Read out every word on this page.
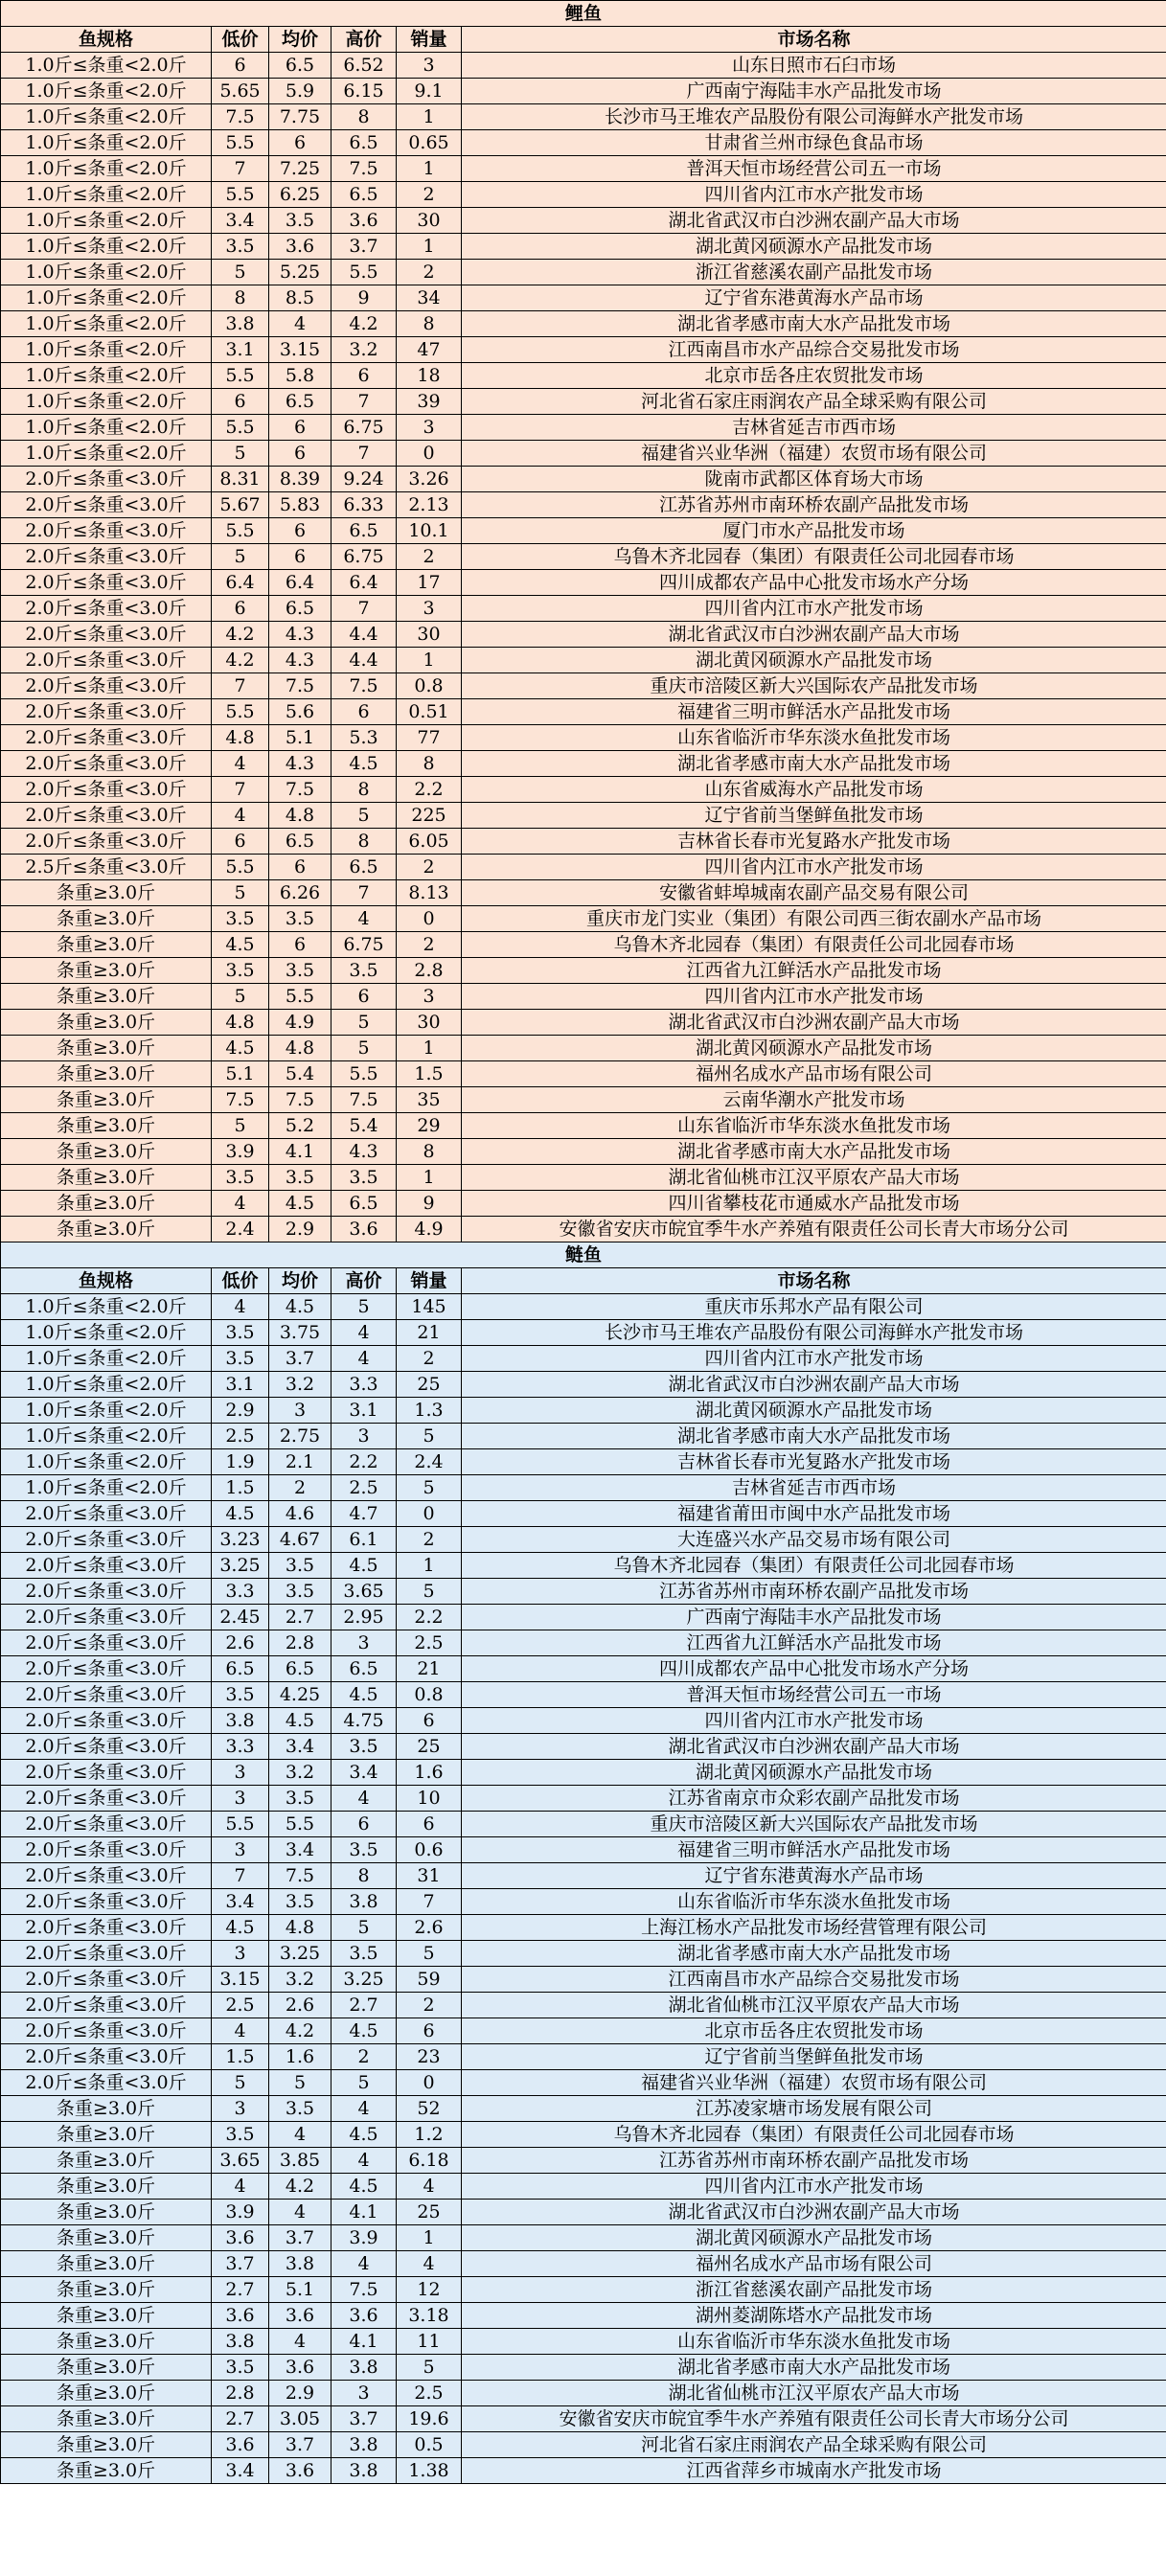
鲤鱼					
鱼规格	低价	均价	高价	销量	市场名称
1.0斤≤条重<2.0斤	6	6.5	6.52	3	山东日照市石臼市场
1.0斤≤条重<2.0斤	5.65	5.9	6.15	9.1	广西南宁海陆丰水产品批发市场
1.0斤≤条重<2.0斤	7.5	7.75	8	1	长沙市马王堆农产品股份有限公司海鲜水产批发市场
1.0斤≤条重<2.0斤	5.5	6	6.5	0.65	甘肃省兰州市绿色食品市场
1.0斤≤条重<2.0斤	7	7.25	7.5	1	普洱天恒市场经营公司五一市场
1.0斤≤条重<2.0斤	5.5	6.25	6.5	2	四川省内江市水产批发市场
1.0斤≤条重<2.0斤	3.4	3.5	3.6	30	湖北省武汉市白沙洲农副产品大市场
1.0斤≤条重<2.0斤	3.5	3.6	3.7	1	湖北黄冈硕源水产品批发市场
1.0斤≤条重<2.0斤	5	5.25	5.5	2	浙江省慈溪农副产品批发市场
1.0斤≤条重<2.0斤	8	8.5	9	34	辽宁省东港黄海水产品市场
1.0斤≤条重<2.0斤	3.8	4	4.2	8	湖北省孝感市南大水产品批发市场
1.0斤≤条重<2.0斤	3.1	3.15	3.2	47	江西南昌市水产品综合交易批发市场
1.0斤≤条重<2.0斤	5.5	5.8	6	18	北京市岳各庄农贸批发市场
1.0斤≤条重<2.0斤	6	6.5	7	39	河北省石家庄雨润农产品全球采购有限公司
1.0斤≤条重<2.0斤	5.5	6	6.75	3	吉林省延吉市西市场
1.0斤≤条重<2.0斤	5	6	7	0	福建省兴业华洲（福建）农贸市场有限公司
2.0斤≤条重<3.0斤	8.31	8.39	9.24	3.26	陇南市武都区体育场大市场
2.0斤≤条重<3.0斤	5.67	5.83	6.33	2.13	江苏省苏州市南环桥农副产品批发市场
2.0斤≤条重<3.0斤	5.5	6	6.5	10.1	厦门市水产品批发市场
2.0斤≤条重<3.0斤	5	6	6.75	2	乌鲁木齐北园春（集团）有限责任公司北园春市场
2.0斤≤条重<3.0斤	6.4	6.4	6.4	17	四川成都农产品中心批发市场水产分场
2.0斤≤条重<3.0斤	6	6.5	7	3	四川省内江市水产批发市场
2.0斤≤条重<3.0斤	4.2	4.3	4.4	30	湖北省武汉市白沙洲农副产品大市场
2.0斤≤条重<3.0斤	4.2	4.3	4.4	1	湖北黄冈硕源水产品批发市场
2.0斤≤条重<3.0斤	7	7.5	7.5	0.8	重庆市涪陵区新大兴国际农产品批发市场
2.0斤≤条重<3.0斤	5.5	5.6	6	0.51	福建省三明市鲜活水产品批发市场
2.0斤≤条重<3.0斤	4.8	5.1	5.3	77	山东省临沂市华东淡水鱼批发市场
2.0斤≤条重<3.0斤	4	4.3	4.5	8	湖北省孝感市南大水产品批发市场
2.0斤≤条重<3.0斤	7	7.5	8	2.2	山东省威海水产品批发市场
2.0斤≤条重<3.0斤	4	4.8	5	225	辽宁省前当堡鲜鱼批发市场
2.0斤≤条重<3.0斤	6	6.5	8	6.05	吉林省长春市光复路水产批发市场
2.5斤≤条重<3.0斤	5.5	6	6.5	2	四川省内江市水产批发市场
条重≥3.0斤	5	6.26	7	8.13	安徽省蚌埠城南农副产品交易有限公司
条重≥3.0斤	3.5	3.5	4	0	重庆市龙门实业（集团）有限公司西三街农副水产品市场
条重≥3.0斤	4.5	6	6.75	2	乌鲁木齐北园春（集团）有限责任公司北园春市场
条重≥3.0斤	3.5	3.5	3.5	2.8	江西省九江鲜活水产品批发市场
条重≥3.0斤	5	5.5	6	3	四川省内江市水产批发市场
条重≥3.0斤	4.8	4.9	5	30	湖北省武汉市白沙洲农副产品大市场
条重≥3.0斤	4.5	4.8	5	1	湖北黄冈硕源水产品批发市场
条重≥3.0斤	5.1	5.4	5.5	1.5	福州名成水产品市场有限公司
条重≥3.0斤	7.5	7.5	7.5	35	云南华潮水产批发市场
条重≥3.0斤	5	5.2	5.4	29	山东省临沂市华东淡水鱼批发市场
条重≥3.0斤	3.9	4.1	4.3	8	湖北省孝感市南大水产品批发市场
条重≥3.0斤	3.5	3.5	3.5	1	湖北省仙桃市江汉平原农产品大市场
条重≥3.0斤	4	4.5	6.5	9	四川省攀枝花市通威水产品批发市场
条重≥3.0斤	2.4	2.9	3.6	4.9	安徽省安庆市皖宜季牛水产养殖有限责任公司长青大市场分公司
鲢鱼					
鱼规格	低价	均价	高价	销量	市场名称
1.0斤≤条重<2.0斤	4	4.5	5	145	重庆市乐邦水产品有限公司
1.0斤≤条重<2.0斤	3.5	3.75	4	21	长沙市马王堆农产品股份有限公司海鲜水产批发市场
1.0斤≤条重<2.0斤	3.5	3.7	4	2	四川省内江市水产批发市场
1.0斤≤条重<2.0斤	3.1	3.2	3.3	25	湖北省武汉市白沙洲农副产品大市场
1.0斤≤条重<2.0斤	2.9	3	3.1	1.3	湖北黄冈硕源水产品批发市场
1.0斤≤条重<2.0斤	2.5	2.75	3	5	湖北省孝感市南大水产品批发市场
1.0斤≤条重<2.0斤	1.9	2.1	2.2	2.4	吉林省长春市光复路水产批发市场
1.0斤≤条重<2.0斤	1.5	2	2.5	5	吉林省延吉市西市场
2.0斤≤条重<3.0斤	4.5	4.6	4.7	0	福建省莆田市闽中水产品批发市场
2.0斤≤条重<3.0斤	3.23	4.67	6.1	2	大连盛兴水产品交易市场有限公司
2.0斤≤条重<3.0斤	3.25	3.5	4.5	1	乌鲁木齐北园春（集团）有限责任公司北园春市场
2.0斤≤条重<3.0斤	3.3	3.5	3.65	5	江苏省苏州市南环桥农副产品批发市场
2.0斤≤条重<3.0斤	2.45	2.7	2.95	2.2	广西南宁海陆丰水产品批发市场
2.0斤≤条重<3.0斤	2.6	2.8	3	2.5	江西省九江鲜活水产品批发市场
2.0斤≤条重<3.0斤	6.5	6.5	6.5	21	四川成都农产品中心批发市场水产分场
2.0斤≤条重<3.0斤	3.5	4.25	4.5	0.8	普洱天恒市场经营公司五一市场
2.0斤≤条重<3.0斤	3.8	4.5	4.75	6	四川省内江市水产批发市场
2.0斤≤条重<3.0斤	3.3	3.4	3.5	25	湖北省武汉市白沙洲农副产品大市场
2.0斤≤条重<3.0斤	3	3.2	3.4	1.6	湖北黄冈硕源水产品批发市场
2.0斤≤条重<3.0斤	3	3.5	4	10	江苏省南京市众彩农副产品批发市场
2.0斤≤条重<3.0斤	5.5	5.5	6	6	重庆市涪陵区新大兴国际农产品批发市场
2.0斤≤条重<3.0斤	3	3.4	3.5	0.6	福建省三明市鲜活水产品批发市场
2.0斤≤条重<3.0斤	7	7.5	8	31	辽宁省东港黄海水产品市场
2.0斤≤条重<3.0斤	3.4	3.5	3.8	7	山东省临沂市华东淡水鱼批发市场
2.0斤≤条重<3.0斤	4.5	4.8	5	2.6	上海江杨水产品批发市场经营管理有限公司
2.0斤≤条重<3.0斤	3	3.25	3.5	5	湖北省孝感市南大水产品批发市场
2.0斤≤条重<3.0斤	3.15	3.2	3.25	59	江西南昌市水产品综合交易批发市场
2.0斤≤条重<3.0斤	2.5	2.6	2.7	2	湖北省仙桃市江汉平原农产品大市场
2.0斤≤条重<3.0斤	4	4.2	4.5	6	北京市岳各庄农贸批发市场
2.0斤≤条重<3.0斤	1.5	1.6	2	23	辽宁省前当堡鲜鱼批发市场
2.0斤≤条重<3.0斤	5	5	5	0	福建省兴业华洲（福建）农贸市场有限公司
条重≥3.0斤	3	3.5	4	52	江苏凌家塘市场发展有限公司
条重≥3.0斤	3.5	4	4.5	1.2	乌鲁木齐北园春（集团）有限责任公司北园春市场
条重≥3.0斤	3.65	3.85	4	6.18	江苏省苏州市南环桥农副产品批发市场
条重≥3.0斤	4	4.2	4.5	4	四川省内江市水产批发市场
条重≥3.0斤	3.9	4	4.1	25	湖北省武汉市白沙洲农副产品大市场
条重≥3.0斤	3.6	3.7	3.9	1	湖北黄冈硕源水产品批发市场
条重≥3.0斤	3.7	3.8	4	4	福州名成水产品市场有限公司
条重≥3.0斤	2.7	5.1	7.5	12	浙江省慈溪农副产品批发市场
条重≥3.0斤	3.6	3.6	3.6	3.18	湖州菱湖陈塔水产品批发市场
条重≥3.0斤	3.8	4	4.1	11	山东省临沂市华东淡水鱼批发市场
条重≥3.0斤	3.5	3.6	3.8	5	湖北省孝感市南大水产品批发市场
条重≥3.0斤	2.8	2.9	3	2.5	湖北省仙桃市江汉平原农产品大市场
条重≥3.0斤	2.7	3.05	3.7	19.6	安徽省安庆市皖宜季牛水产养殖有限责任公司长青大市场分公司
条重≥3.0斤	3.6	3.7	3.8	0.5	河北省石家庄雨润农产品全球采购有限公司
条重≥3.0斤	3.4	3.6	3.8	1.38	江西省萍乡市城南水产批发市场
